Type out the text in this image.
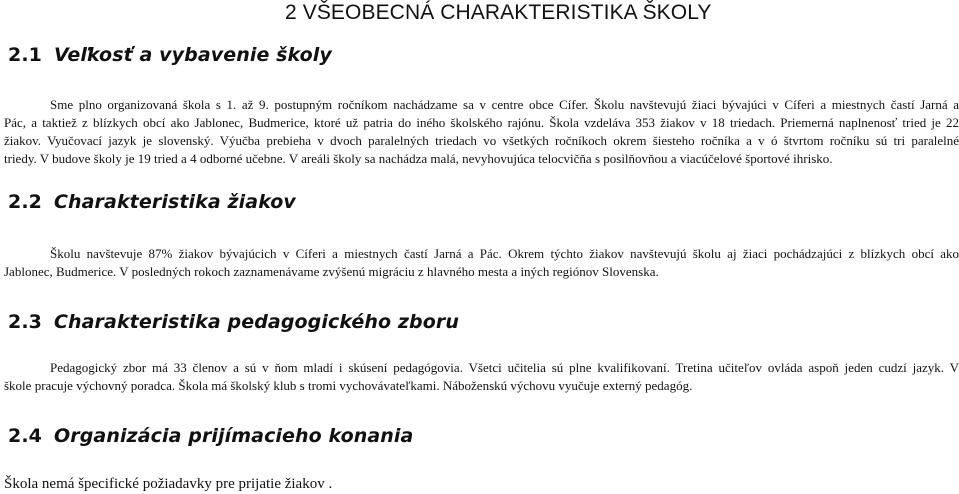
2 VŠEOBECNÁ CHARAKTERISTIKA ŠKOLY
2.1 Veľkosť a vybavenie školy

Sme plno organizovaná škola s 1. až 9. postupným ročníkom nachádzame sa v centre obce Cífer. Školu navštevujú žiaci bývajúci v Cíferi a miestnych častí Jarná a
Pác, a taktiež z blízkych obcí ako Jablonec, Budmerice, ktoré už patria do iného školského rajónu. Škola vzdeláva 353 žiakov v 18 triedach. Priemerná naplnenosť tried je 22
žiakov. Vyučovací jazyk je slovenský. Výučba prebieha v dvoch paralelných triedach vo všetkých ročníkoch okrem šiesteho ročníka a v ó štvrtom ročníku sú tri paralelné
triedy. V budove školy je 19 tried a 4 odborné učebne. V areáli školy sa nachádza malá, nevyhovujúca telocvičňa s posilňovňou a viacúčelové športové ihrisko.

2.2 Charakteristika žiakov

Školu navštevuje 87% žiakov bývajúcich v Cíferi a miestnych častí Jarná a Pác. Okrem týchto žiakov navštevujú školu aj žiaci pochádzajúci z blízkych obcí ako
Jablonec, Budmerice. V posledných rokoch zaznamenávame zvýšenú migráciu z hlavného mesta a iných regiónov Slovenska.

2.3 Charakteristika pedagogického zboru

Pedagogický zbor má 33 členov a sú v ňom mladí i skúsení pedagógovia. Všetci učitelia sú plne kvalifikovaní. Tretina učiteľov ovláda aspoň jeden cudzí jazyk. V
škole pracuje výchovný poradca. Škola má školský klub s tromi vychovávateľkami. Náboženskú výchovu vyučuje externý pedagóg.

2.4 Organizácia prijímacieho konania

Škola nemá špecifické požiadavky pre prijatie žiakov .
